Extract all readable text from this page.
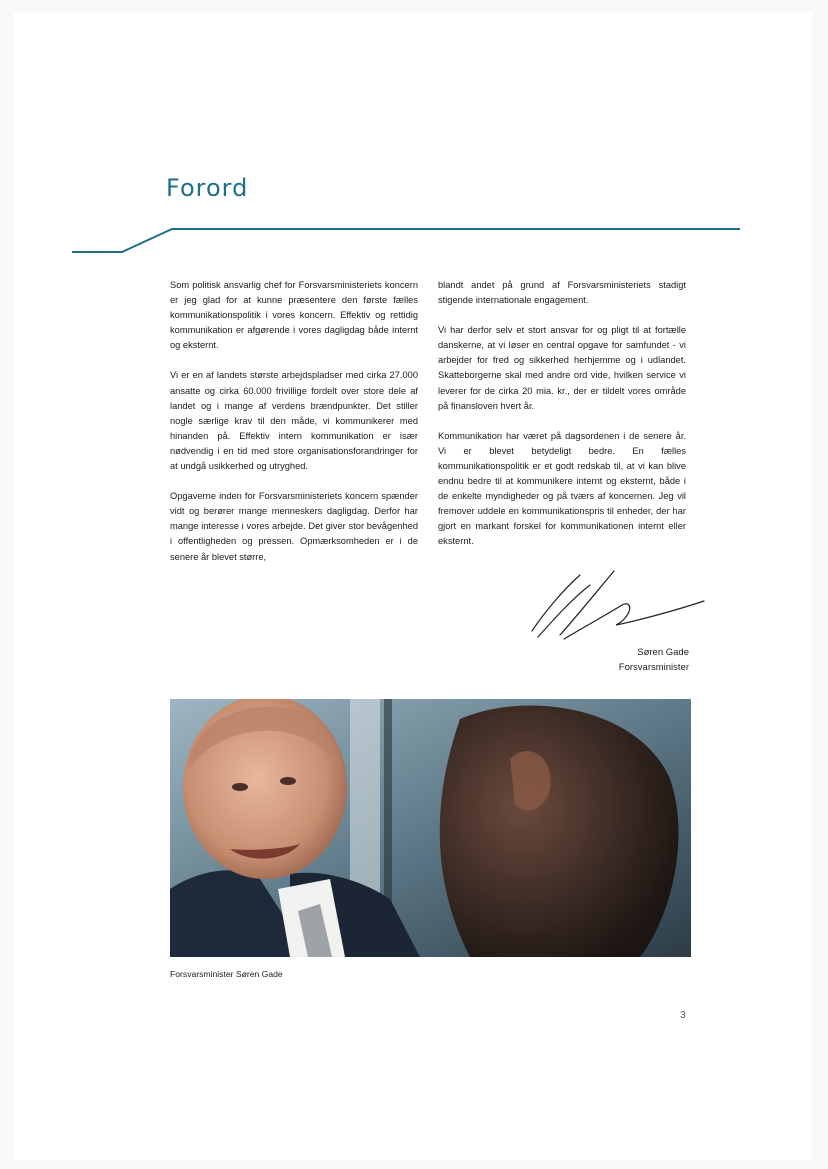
Forord

Som politisk ansvarlig chef for Forsvarsministeriets koncern er jeg glad for at kunne præsentere den første fælles kommunikationspolitik i vores koncern. Effektiv og rettidig kommunikation er afgørende i vores dagligdag både internt og eksternt.

Vi er en af landets største arbejdspladser med cirka 27.000 ansatte og cirka 60.000 frivillige fordelt over store dele af landet og i mange af verdens brændpunkter. Det stiller nogle særlige krav til den måde, vi kommunikerer med hinanden på. Effektiv intern kommunikation er især nødvendig i en tid med store organisationsforandringer for at undgå usikkerhed og utryghed.

Opgaverne inden for Forsvarsministeriets koncern spænder vidt og berører mange menneskers dagligdag. Derfor har mange interesse i vores arbejde. Det giver stor bevågenhed i offentligheden og pressen. Opmærksomheden er i de senere år blevet større,

blandt andet på grund af Forsvarsministeriets stadigt stigende internationale engagement.

Vi har derfor selv et stort ansvar for og pligt til at fortælle danskerne, at vi løser en central opgave for samfundet - vi arbejder for fred og sikkerhed herhjemme og i udlandet. Skatteborgerne skal med andre ord vide, hvilken service vi leverer for de cirka 20 mia. kr., der er tildelt vores område på finansloven hvert år.

Kommunikation har været på dagsordenen i de senere år. Vi er blevet betydeligt bedre. En fælles kommunikationspolitik er et godt redskab til, at vi kan blive endnu bedre til at kommunikere internt og eksternt, både i de enkelte myndigheder og på tværs af koncernen. Jeg vil fremover uddele en kommunikationspris til enheder, der har gjort en markant forskel for kommunikationen internt eller eksternt.

Søren Gade
Forsvarsminister
Forsvarsminister Søren Gade
3
